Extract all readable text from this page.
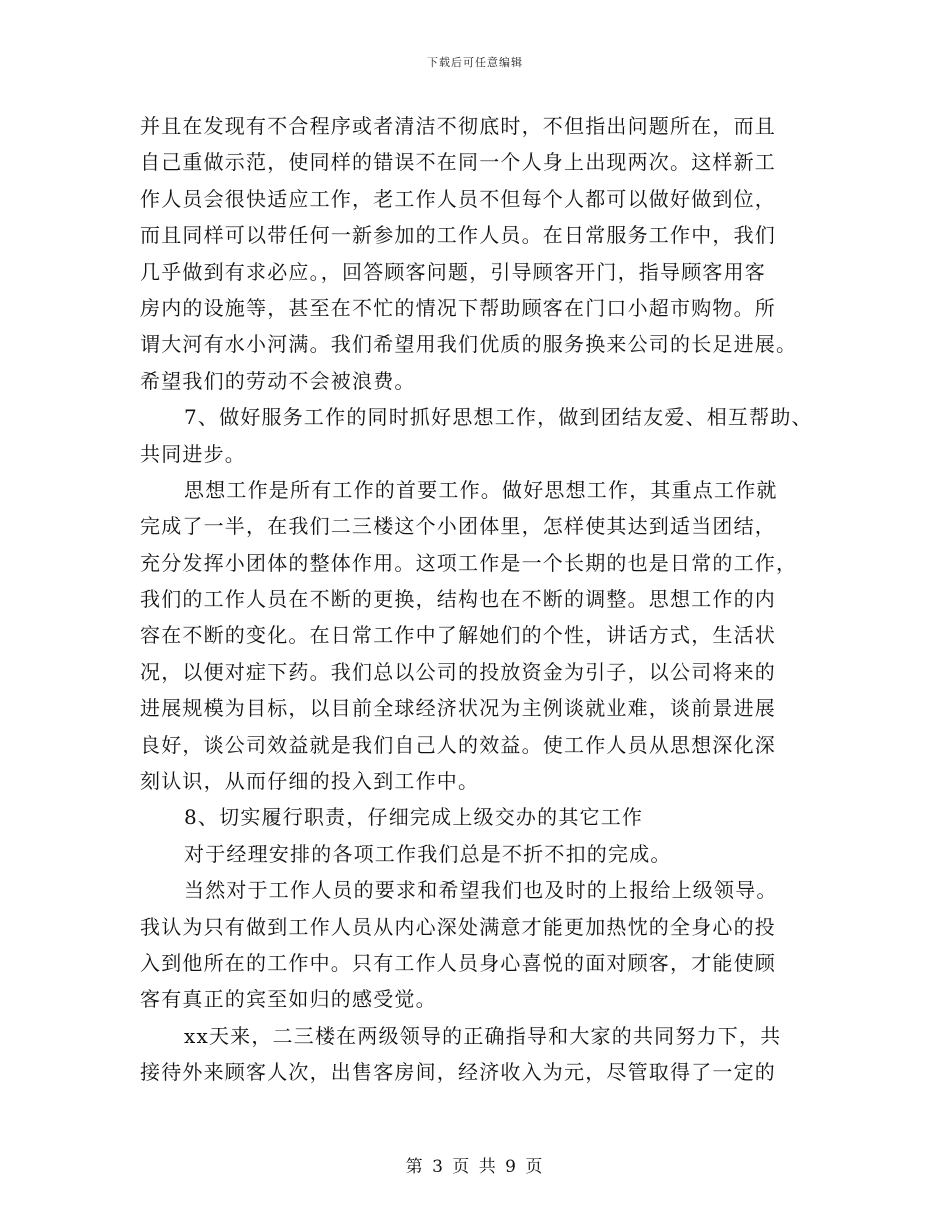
下载后可任意编辑
并且在发现有不合程序或者清洁不彻底时，不但指出问题所在，而且
自己重做示范，使同样的错误不在同一个人身上出现两次。这样新工
作人员会很快适应工作，老工作人员不但每个人都可以做好做到位，
而且同样可以带任何一新参加的工作人员。在日常服务工作中，我们
几乎做到有求必应。，回答顾客问题，引导顾客开门，指导顾客用客
房内的设施等，甚至在不忙的情况下帮助顾客在门口小超市购物。所
谓大河有水小河满。我们希望用我们优质的服务换来公司的长足进展。
希望我们的劳动不会被浪费。
7、做好服务工作的同时抓好思想工作，做到团结友爱、相互帮助、
共同进步。
思想工作是所有工作的首要工作。做好思想工作，其重点工作就
完成了一半，在我们二三楼这个小团体里，怎样使其达到适当团结，
充分发挥小团体的整体作用。这项工作是一个长期的也是日常的工作，
我们的工作人员在不断的更换，结构也在不断的调整。思想工作的内
容在不断的变化。在日常工作中了解她们的个性，讲话方式，生活状
况，以便对症下药。我们总以公司的投放资金为引子，以公司将来的
进展规模为目标，以目前全球经济状况为主例谈就业难，谈前景进展
良好，谈公司效益就是我们自己人的效益。使工作人员从思想深化深
刻认识，从而仔细的投入到工作中。
8、切实履行职责，仔细完成上级交办的其它工作
对于经理安排的各项工作我们总是不折不扣的完成。
当然对于工作人员的要求和希望我们也及时的上报给上级领导。
我认为只有做到工作人员从内心深处满意才能更加热忱的全身心的投
入到他所在的工作中。只有工作人员身心喜悦的面对顾客，才能使顾
客有真正的宾至如归的感受觉。
xx天来，二三楼在两级领导的正确指导和大家的共同努力下，共
接待外来顾客人次，出售客房间，经济收入为元，尽管取得了一定的
第 3 页 共 9 页
